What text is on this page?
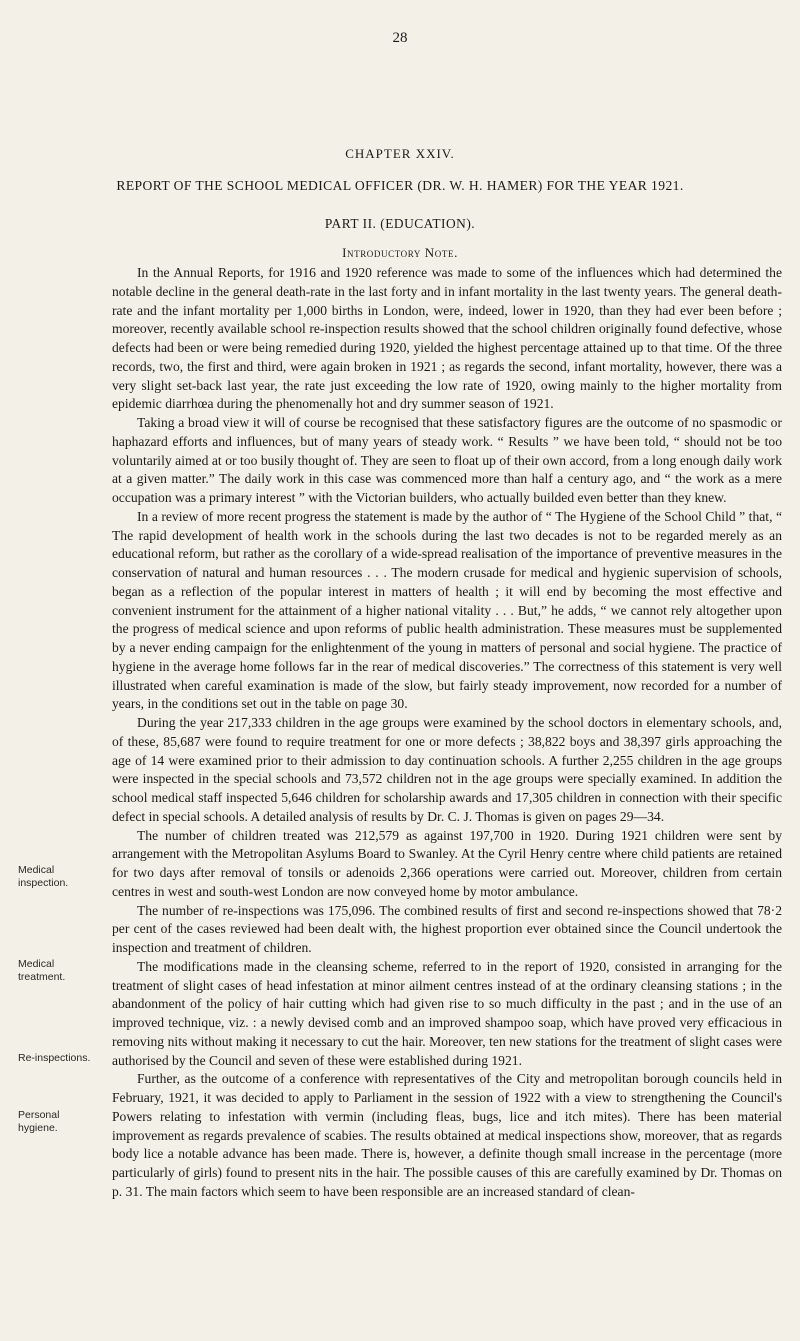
28
CHAPTER XXIV.
REPORT OF THE SCHOOL MEDICAL OFFICER (DR. W. H. HAMER) FOR THE YEAR 1921.
PART II. (EDUCATION).
Introductory Note.
Medical inspection.
Medical treatment.
Re-inspections.
Personal hygiene.

In the Annual Reports, for 1916 and 1920 reference was made to some of the influences which had determined the notable decline in the general death-rate in the last forty and in infant mortality in the last twenty years. The general death-rate and the infant mortality per 1,000 births in London, were, indeed, lower in 1920, than they had ever been before ; moreover, recently available school re-inspection results showed that the school children originally found defective, whose defects had been or were being remedied during 1920, yielded the highest percentage attained up to that time. Of the three records, two, the first and third, were again broken in 1921 ; as regards the second, infant mortality, however, there was a very slight set-back last year, the rate just exceeding the low rate of 1920, owing mainly to the higher mortality from epidemic diarrhœa during the phenomenally hot and dry summer season of 1921.

Taking a broad view it will of course be recognised that these satisfactory figures are the outcome of no spasmodic or haphazard efforts and influences, but of many years of steady work. “ Results ” we have been told, “ should not be too voluntarily aimed at or too busily thought of. They are seen to float up of their own accord, from a long enough daily work at a given matter.” The daily work in this case was commenced more than half a century ago, and “ the work as a mere occupation was a primary interest ” with the Victorian builders, who actually builded even better than they knew.

In a review of more recent progress the statement is made by the author of “ The Hygiene of the School Child ” that, “ The rapid development of health work in the schools during the last two decades is not to be regarded merely as an educational reform, but rather as the corollary of a wide-spread realisation of the importance of preventive measures in the conservation of natural and human resources . . . The modern crusade for medical and hygienic supervision of schools, began as a reflection of the popular interest in matters of health ; it will end by becoming the most effective and convenient instrument for the attainment of a higher national vitality . . . But,” he adds, “ we cannot rely altogether upon the progress of medical science and upon reforms of public health administration. These measures must be supplemented by a never ending campaign for the enlightenment of the young in matters of personal and social hygiene. The practice of hygiene in the average home follows far in the rear of medical discoveries.” The correctness of this statement is very well illustrated when careful examination is made of the slow, but fairly steady improvement, now recorded for a number of years, in the conditions set out in the table on page 30.

During the year 217,333 children in the age groups were examined by the school doctors in elementary schools, and, of these, 85,687 were found to require treatment for one or more defects ; 38,822 boys and 38,397 girls approaching the age of 14 were examined prior to their admission to day continuation schools. A further 2,255 children in the age groups were inspected in the special schools and 73,572 children not in the age groups were specially examined. In addition the school medical staff inspected 5,646 children for scholarship awards and 17,305 children in connection with their specific defect in special schools. A detailed analysis of results by Dr. C. J. Thomas is given on pages 29—34.

The number of children treated was 212,579 as against 197,700 in 1920. During 1921 children were sent by arrangement with the Metropolitan Asylums Board to Swanley. At the Cyril Henry centre where child patients are retained for two days after removal of tonsils or adenoids 2,366 operations were carried out. Moreover, children from certain centres in west and south-west London are now conveyed home by motor ambulance.

The number of re-inspections was 175,096. The combined results of first and second re-inspections showed that 78·2 per cent of the cases reviewed had been dealt with, the highest proportion ever obtained since the Council undertook the inspection and treatment of children.

The modifications made in the cleansing scheme, referred to in the report of 1920, consisted in arranging for the treatment of slight cases of head infestation at minor ailment centres instead of at the ordinary cleansing stations ; in the abandonment of the policy of hair cutting which had given rise to so much difficulty in the past ; and in the use of an improved technique, viz. : a newly devised comb and an improved shampoo soap, which have proved very efficacious in removing nits without making it necessary to cut the hair. Moreover, ten new stations for the treatment of slight cases were authorised by the Council and seven of these were established during 1921.

Further, as the outcome of a conference with representatives of the City and metropolitan borough councils held in February, 1921, it was decided to apply to Parliament in the session of 1922 with a view to strengthening the Council's Powers relating to infestation with vermin (including fleas, bugs, lice and itch mites). There has been material improvement as regards prevalence of scabies. The results obtained at medical inspections show, moreover, that as regards body lice a notable advance has been made. There is, however, a definite though small increase in the percentage (more particularly of girls) found to present nits in the hair. The possible causes of this are carefully examined by Dr. Thomas on p. 31. The main factors which seem to have been responsible are an increased standard of clean-
